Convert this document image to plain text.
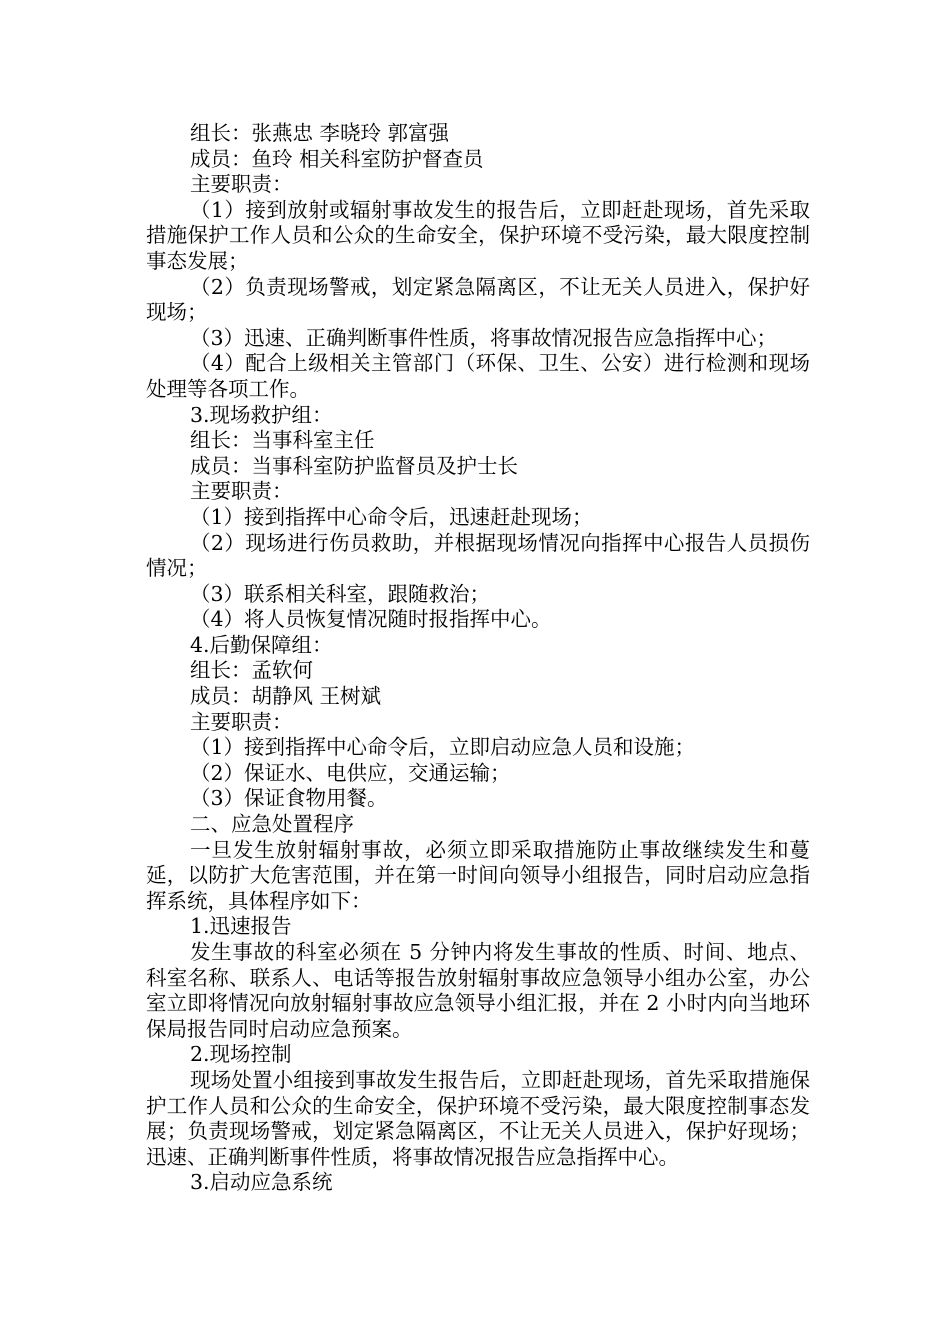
组长：张燕忠 李晓玲 郭富强

成员：鱼玲 相关科室防护督查员

主要职责：

（1）接到放射或辐射事故发生的报告后，立即赶赴现场，首先采取措施保护工作人员和公众的生命安全，保护环境不受污染，最大限度控制事态发展；

（2）负责现场警戒，划定紧急隔离区，不让无关人员进入，保护好现场；

（3）迅速、正确判断事件性质，将事故情况报告应急指挥中心；

（4）配合上级相关主管部门（环保、卫生、公安）进行检测和现场处理等各项工作。

3.现场救护组：

组长：当事科室主任

成员：当事科室防护监督员及护士长

主要职责：

（1）接到指挥中心命令后，迅速赶赴现场；

（2）现场进行伤员救助，并根据现场情况向指挥中心报告人员损伤情况；

（3）联系相关科室，跟随救治；

（4）将人员恢复情况随时报指挥中心。

4.后勤保障组：

组长：孟软何

成员：胡静风 王树斌

主要职责：

（1）接到指挥中心命令后，立即启动应急人员和设施；

（2）保证水、电供应，交通运输；

（3）保证食物用餐。

二、应急处置程序

一旦发生放射辐射事故，必须立即采取措施防止事故继续发生和蔓延，以防扩大危害范围，并在第一时间向领导小组报告，同时启动应急指挥系统，具体程序如下：

1.迅速报告

发生事故的科室必须在 5 分钟内将发生事故的性质、时间、地点、科室名称、联系人、电话等报告放射辐射事故应急领导小组办公室，办公室立即将情况向放射辐射事故应急领导小组汇报，并在 2 小时内向当地环保局报告同时启动应急预案。

2.现场控制

现场处置小组接到事故发生报告后，立即赶赴现场，首先采取措施保护工作人员和公众的生命安全，保护环境不受污染，最大限度控制事态发展；负责现场警戒，划定紧急隔离区，不让无关人员进入，保护好现场；迅速、正确判断事件性质，将事故情况报告应急指挥中心。

3.启动应急系统
